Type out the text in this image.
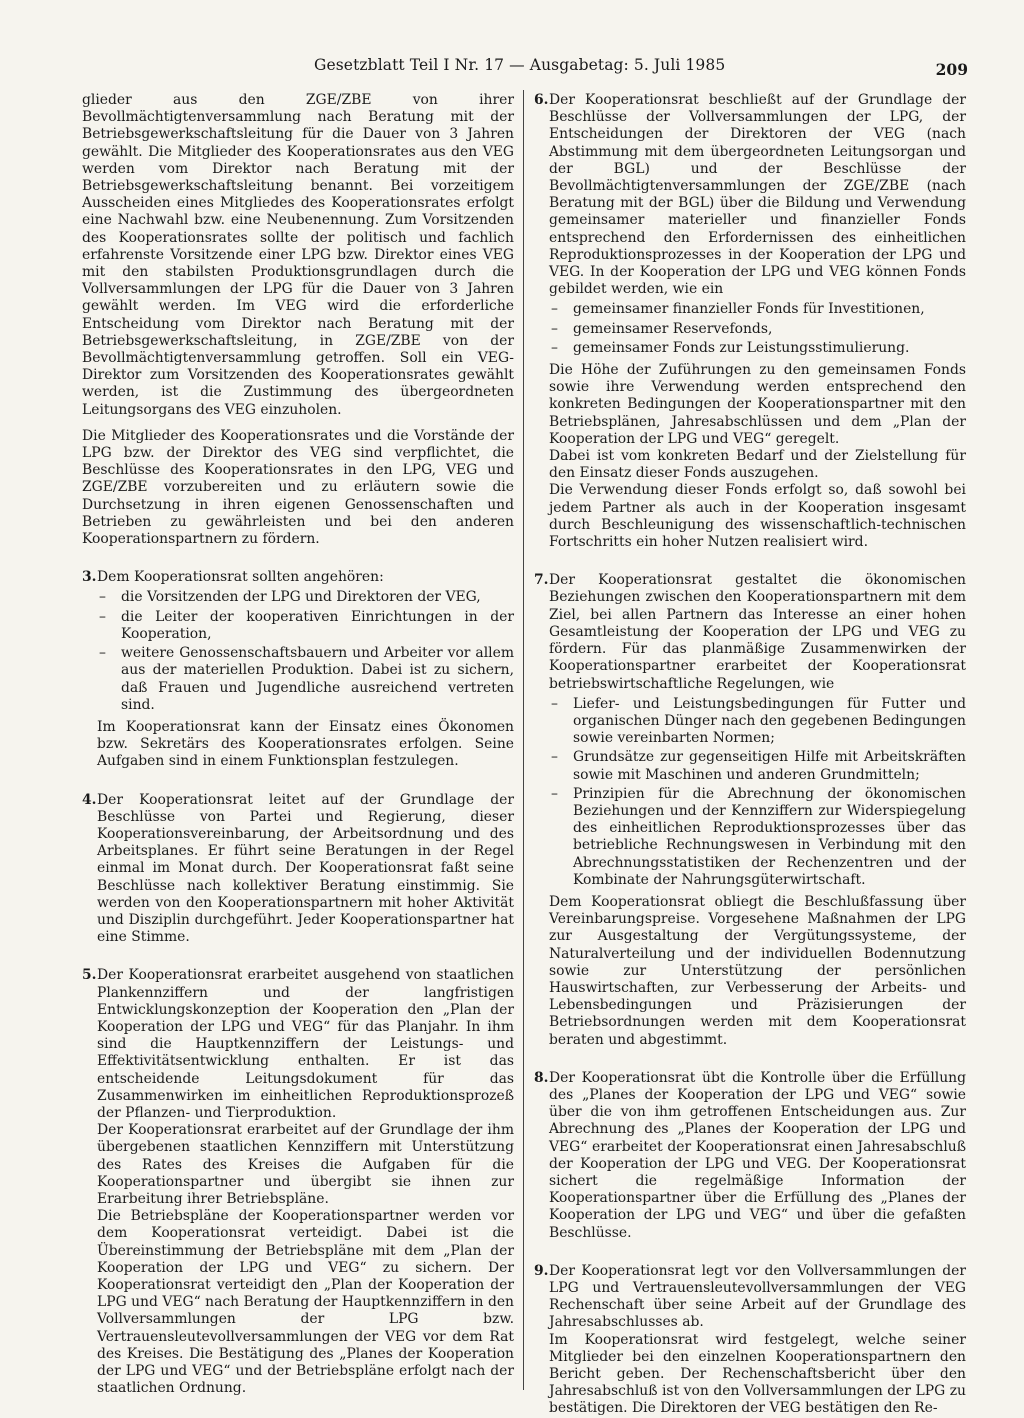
Gesetzblatt Teil I Nr. 17 — Ausgabetag: 5. Juli 1985	209

glieder aus den ZGE/ZBE von ihrer Bevollmächtigtenversammlung nach Beratung mit der Betriebsgewerkschaftsleitung für die Dauer von 3 Jahren gewählt. Die Mitglieder des Kooperationsrates aus den VEG werden vom Direktor nach Beratung mit der Betriebsgewerkschaftsleitung benannt. Bei vorzeitigem Ausscheiden eines Mitgliedes des Kooperationsrates erfolgt eine Nachwahl bzw. eine Neubenennung. Zum Vorsitzenden des Kooperationsrates sollte der politisch und fachlich erfahrenste Vorsitzende einer LPG bzw. Direktor eines VEG mit den stabilsten Produktionsgrundlagen durch die Vollversammlungen der LPG für die Dauer von 3 Jahren gewählt werden. Im VEG wird die erforderliche Entscheidung vom Direktor nach Beratung mit der Betriebsgewerkschaftsleitung, in ZGE/ZBE von der Bevollmächtigtenversammlung getroffen. Soll ein VEG-Direktor zum Vorsitzenden des Kooperationsrates gewählt werden, ist die Zustimmung des übergeordneten Leitungsorgans des VEG einzuholen.

Die Mitglieder des Kooperationsrates und die Vorstände der LPG bzw. der Direktor des VEG sind verpflichtet, die Beschlüsse des Kooperationsrates in den LPG, VEG und ZGE/ZBE vorzubereiten und zu erläutern sowie die Durchsetzung in ihren eigenen Genossenschaften und Betrieben zu gewährleisten und bei den anderen Kooperationspartnern zu fördern.

3. Dem Kooperationsrat sollten angehören:

– die Vorsitzenden der LPG und Direktoren der VEG,

– die Leiter der kooperativen Einrichtungen in der Kooperation,

– weitere Genossenschaftsbauern und Arbeiter vor allem aus der materiellen Produktion. Dabei ist zu sichern, daß Frauen und Jugendliche ausreichend vertreten sind.

Im Kooperationsrat kann der Einsatz eines Ökonomen bzw. Sekretärs des Kooperationsrates erfolgen. Seine Aufgaben sind in einem Funktionsplan festzulegen.

4. Der Kooperationsrat leitet auf der Grundlage der Beschlüsse von Partei und Regierung, dieser Kooperationsvereinbarung, der Arbeitsordnung und des Arbeitsplanes. Er führt seine Beratungen in der Regel einmal im Monat durch. Der Kooperationsrat faßt seine Beschlüsse nach kollektiver Beratung einstimmig. Sie werden von den Kooperationspartnern mit hoher Aktivität und Disziplin durchgeführt. Jeder Kooperationspartner hat eine Stimme.

5. Der Kooperationsrat erarbeitet ausgehend von staatlichen Plankennziffern und der langfristigen Entwicklungskonzeption der Kooperation den „Plan der Kooperation der LPG und VEG“ für das Planjahr. In ihm sind die Hauptkennziffern der Leistungs- und Effektivitätsentwicklung enthalten. Er ist das entscheidende Leitungsdokument für das Zusammenwirken im einheitlichen Reproduktionsprozeß der Pflanzen- und Tierproduktion.

Der Kooperationsrat erarbeitet auf der Grundlage der ihm übergebenen staatlichen Kennziffern mit Unterstützung des Rates des Kreises die Aufgaben für die Kooperationspartner und übergibt sie ihnen zur Erarbeitung ihrer Betriebspläne.

Die Betriebspläne der Kooperationspartner werden vor dem Kooperationsrat verteidigt. Dabei ist die Übereinstimmung der Betriebspläne mit dem „Plan der Kooperation der LPG und VEG“ zu sichern. Der Kooperationsrat verteidigt den „Plan der Kooperation der LPG und VEG“ nach Beratung der Hauptkennziffern in den Vollversammlungen der LPG bzw. Vertrauensleutevollversammlungen der VEG vor dem Rat des Kreises. Die Bestätigung des „Planes der Kooperation der LPG und VEG“ und der Betriebspläne erfolgt nach der staatlichen Ordnung.

6. Der Kooperationsrat beschließt auf der Grundlage der Beschlüsse der Vollversammlungen der LPG, der Entscheidungen der Direktoren der VEG (nach Abstimmung mit dem übergeordneten Leitungsorgan und der BGL) und der Beschlüsse der Bevollmächtigtenversammlungen der ZGE/ZBE (nach Beratung mit der BGL) über die Bildung und Verwendung gemeinsamer materieller und finanzieller Fonds entsprechend den Erfordernissen des einheitlichen Reproduktionsprozesses in der Kooperation der LPG und VEG. In der Kooperation der LPG und VEG können Fonds gebildet werden, wie ein

– gemeinsamer finanzieller Fonds für Investitionen,

– gemeinsamer Reservefonds,

– gemeinsamer Fonds zur Leistungsstimulierung.

Die Höhe der Zuführungen zu den gemeinsamen Fonds sowie ihre Verwendung werden entsprechend den konkreten Bedingungen der Kooperationspartner mit den Betriebsplänen, Jahresabschlüssen und dem „Plan der Kooperation der LPG und VEG“ geregelt.

Dabei ist vom konkreten Bedarf und der Zielstellung für den Einsatz dieser Fonds auszugehen.

Die Verwendung dieser Fonds erfolgt so, daß sowohl bei jedem Partner als auch in der Kooperation insgesamt durch Beschleunigung des wissenschaftlich-technischen Fortschritts ein hoher Nutzen realisiert wird.

7. Der Kooperationsrat gestaltet die ökonomischen Beziehungen zwischen den Kooperationspartnern mit dem Ziel, bei allen Partnern das Interesse an einer hohen Gesamtleistung der Kooperation der LPG und VEG zu fördern. Für das planmäßige Zusammenwirken der Kooperationspartner erarbeitet der Kooperationsrat betriebswirtschaftliche Regelungen, wie

– Liefer- und Leistungsbedingungen für Futter und organischen Dünger nach den gegebenen Bedingungen sowie vereinbarten Normen;

– Grundsätze zur gegenseitigen Hilfe mit Arbeitskräften sowie mit Maschinen und anderen Grundmitteln;

– Prinzipien für die Abrechnung der ökonomischen Beziehungen und der Kennziffern zur Widerspiegelung des einheitlichen Reproduktionsprozesses über das betriebliche Rechnungswesen in Verbindung mit den Abrechnungsstatistiken der Rechenzentren und der Kombinate der Nahrungsgüterwirtschaft.

Dem Kooperationsrat obliegt die Beschlußfassung über Vereinbarungspreise. Vorgesehene Maßnahmen der LPG zur Ausgestaltung der Vergütungssysteme, der Naturalverteilung und der individuellen Bodennutzung sowie zur Unterstützung der persönlichen Hauswirtschaften, zur Verbesserung der Arbeits- und Lebensbedingungen und Präzisierungen der Betriebsordnungen werden mit dem Kooperationsrat beraten und abgestimmt.

8. Der Kooperationsrat übt die Kontrolle über die Erfüllung des „Planes der Kooperation der LPG und VEG“ sowie über die von ihm getroffenen Entscheidungen aus. Zur Abrechnung des „Planes der Kooperation der LPG und VEG“ erarbeitet der Kooperationsrat einen Jahresabschluß der Kooperation der LPG und VEG. Der Kooperationsrat sichert die regelmäßige Information der Kooperationspartner über die Erfüllung des „Planes der Kooperation der LPG und VEG“ und über die gefaßten Beschlüsse.

9. Der Kooperationsrat legt vor den Vollversammlungen der LPG und Vertrauensleutevollversammlungen der VEG Rechenschaft über seine Arbeit auf der Grundlage des Jahresabschlusses ab.

Im Kooperationsrat wird festgelegt, welche seiner Mitglieder bei den einzelnen Kooperationspartnern den Bericht geben. Der Rechenschaftsbericht über den Jahresabschluß ist von den Vollversammlungen der LPG zu bestätigen. Die Direktoren der VEG bestätigen den Re-
